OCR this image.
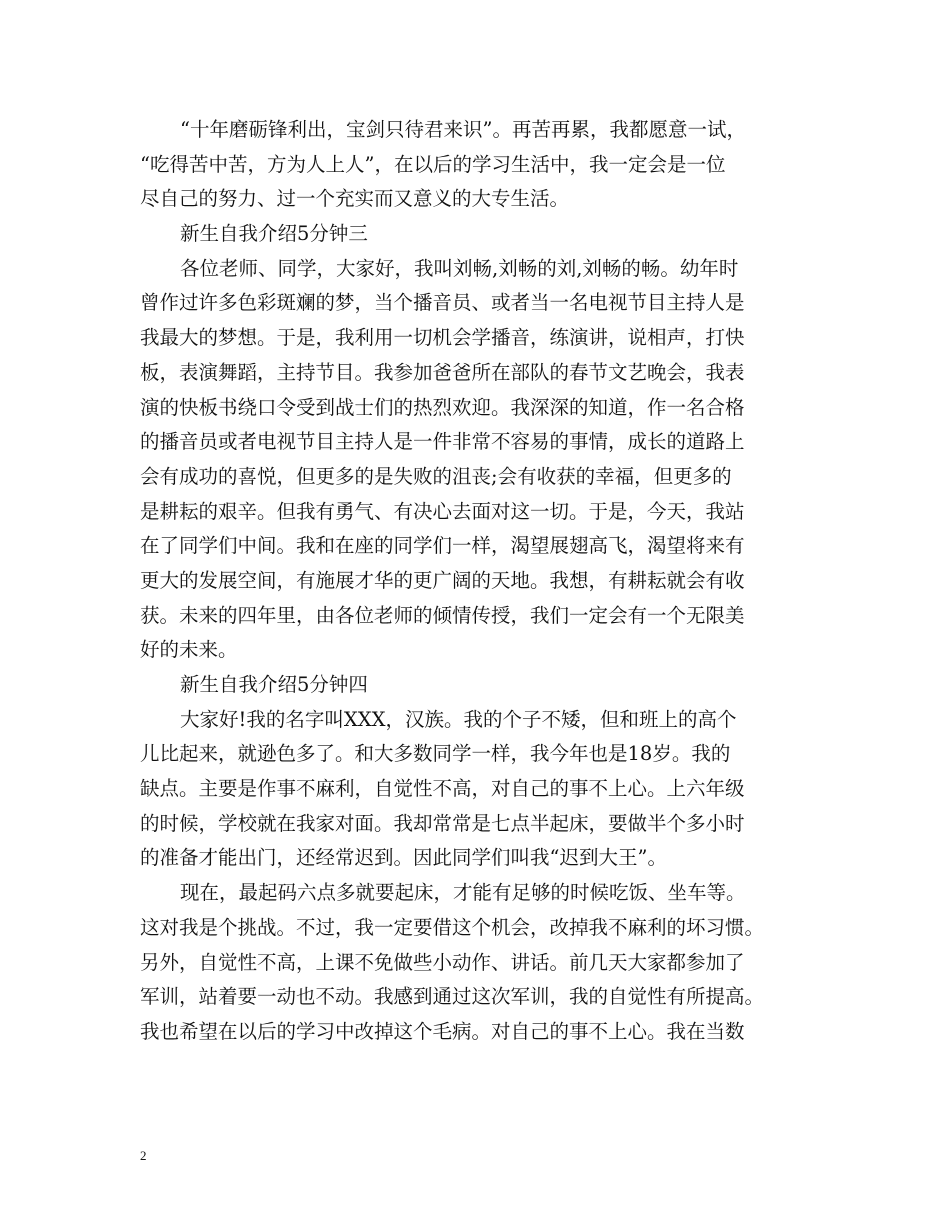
“十年磨砺锋利出，宝剑只待君来识”。再苦再累，我都愿意一试，
“吃得苦中苦，方为人上人”，在以后的学习生活中，我一定会是一位
尽自己的努力、过一个充实而又意义的大专生活。
新生自我介绍5分钟三
各位老师、同学，大家好，我叫刘畅,刘畅的刘,刘畅的畅。幼年时
曾作过许多色彩斑斓的梦，当个播音员、或者当一名电视节目主持人是
我最大的梦想。于是，我利用一切机会学播音，练演讲，说相声，打快
板，表演舞蹈，主持节目。我参加爸爸所在部队的春节文艺晚会，我表
演的快板书绕口令受到战士们的热烈欢迎。我深深的知道，作一名合格
的播音员或者电视节目主持人是一件非常不容易的事情，成长的道路上
会有成功的喜悦，但更多的是失败的沮丧;会有收获的幸福，但更多的
是耕耘的艰辛。但我有勇气、有决心去面对这一切。于是，今天，我站
在了同学们中间。我和在座的同学们一样，渴望展翅高飞，渴望将来有
更大的发展空间，有施展才华的更广阔的天地。我想，有耕耘就会有收
获。未来的四年里，由各位老师的倾情传授，我们一定会有一个无限美
好的未来。
新生自我介绍5分钟四
大家好!我的名字叫XXX，汉族。我的个子不矮，但和班上的高个
儿比起来，就逊色多了。和大多数同学一样，我今年也是18岁。我的
缺点。主要是作事不麻利，自觉性不高，对自己的事不上心。上六年级
的时候，学校就在我家对面。我却常常是七点半起床，要做半个多小时
的准备才能出门，还经常迟到。因此同学们叫我“迟到大王”。
现在，最起码六点多就要起床，才能有足够的时候吃饭、坐车等。
这对我是个挑战。不过，我一定要借这个机会，改掉我不麻利的坏习惯。
另外，自觉性不高，上课不免做些小动作、讲话。前几天大家都参加了
军训，站着要一动也不动。我感到通过这次军训，我的自觉性有所提高。
我也希望在以后的学习中改掉这个毛病。对自己的事不上心。我在当数
2
